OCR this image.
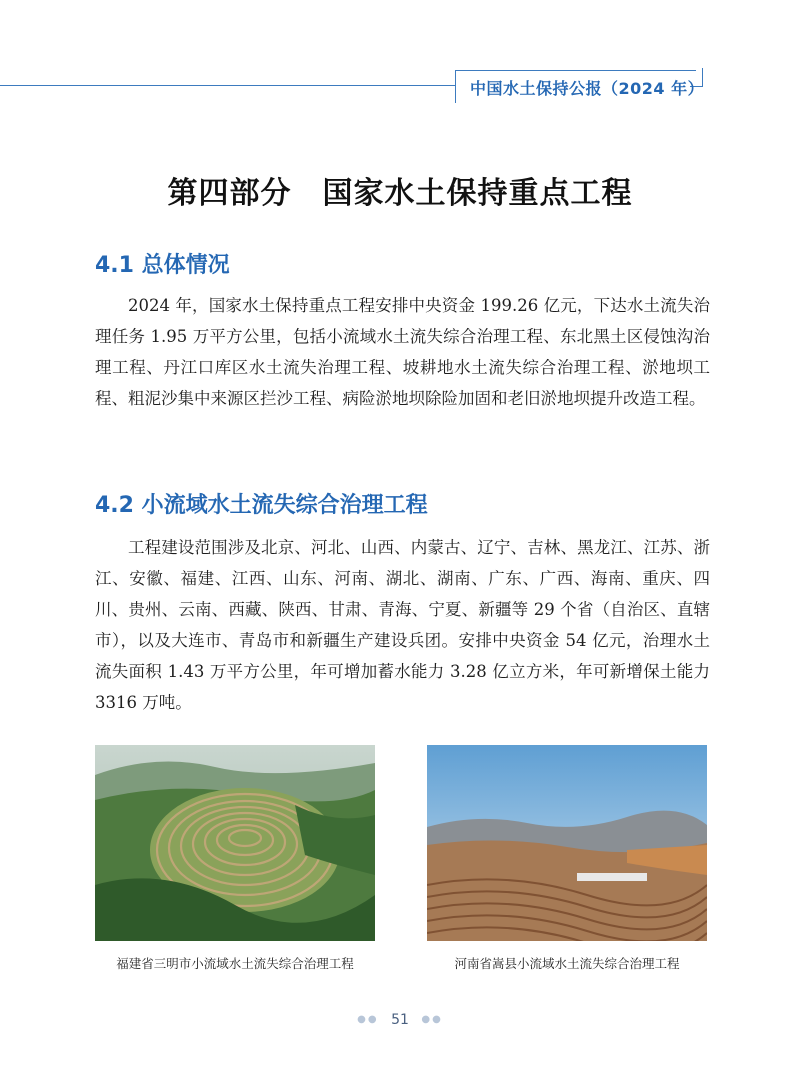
中国水土保持公报（2024 年）
第四部分　国家水土保持重点工程
4.1 总体情况

2024 年，国家水土保持重点工程安排中央资金 199.26 亿元，下达水土流失治理任务 1.95 万平方公里，包括小流域水土流失综合治理工程、东北黑土区侵蚀沟治理工程、丹江口库区水土流失治理工程、坡耕地水土流失综合治理工程、淤地坝工程、粗泥沙集中来源区拦沙工程、病险淤地坝除险加固和老旧淤地坝提升改造工程。

4.2 小流域水土流失综合治理工程

工程建设范围涉及北京、河北、山西、内蒙古、辽宁、吉林、黑龙江、江苏、浙江、安徽、福建、江西、山东、河南、湖北、湖南、广东、广西、海南、重庆、四川、贵州、云南、西藏、陕西、甘肃、青海、宁夏、新疆等 29 个省（自治区、直辖市），以及大连市、青岛市和新疆生产建设兵团。安排中央资金 54 亿元，治理水土流失面积 1.43 万平方公里，年可增加蓄水能力 3.28 亿立方米，年可新增保土能力 3316 万吨。

福建省三明市小流域水土流失综合治理工程	河南省嵩县小流域水土流失综合治理工程
●● 51 ●●
